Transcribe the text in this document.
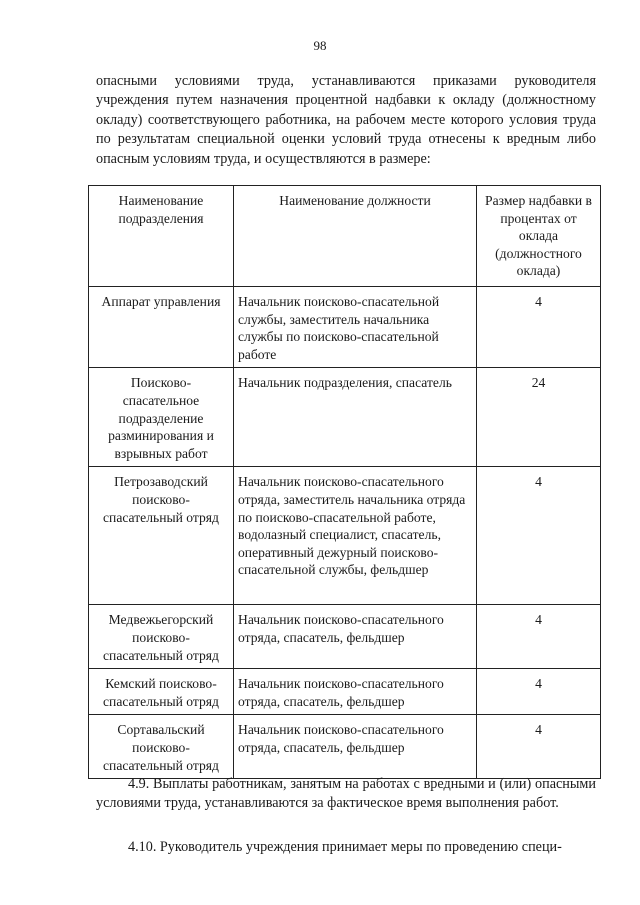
98

опасными условиями труда, устанавливаются приказами руководителя учреждения путем назначения процентной надбавки к окладу (должностному окладу) соответствующего работника, на рабочем месте которого условия труда по результатам специальной оценки условий труда отнесены к вредным либо опасным условиям труда, и осуществляются в размере:

Наименование подразделения	Наименование должности	Размер надбавки в процентах от оклада (должностного оклада)
Аппарат управления	Начальник поисково-спасательной службы, заместитель начальника службы по поисково-спасательной работе	4
Поисково-спасательное подразделение разминирования и взрывных работ	Начальник подразделения, спасатель	24
Петрозаводский поисково-спасательный отряд	Начальник поисково-спасательного отряда, заместитель начальника отряда по поисково-спасательной работе, водолазный специалист, спасатель, оперативный дежурный поисково-спасательной службы, фельдшер	4
Медвежьегорский поисково-спасательный отряд	Начальник поисково-спасательного отряда, спасатель, фельдшер	4
Кемский поисково-спасательный отряд	Начальник поисково-спасательного отряда, спасатель, фельдшер	4
Сортавальский поисково-спасательный отряд	Начальник поисково-спасательного отряда, спасатель, фельдшер	4

4.9. Выплаты работникам, занятым на работах с вредными и (или) опасными условиями труда, устанавливаются за фактическое время выполнения работ.

4.10. Руководитель учреждения принимает меры по проведению специ-
